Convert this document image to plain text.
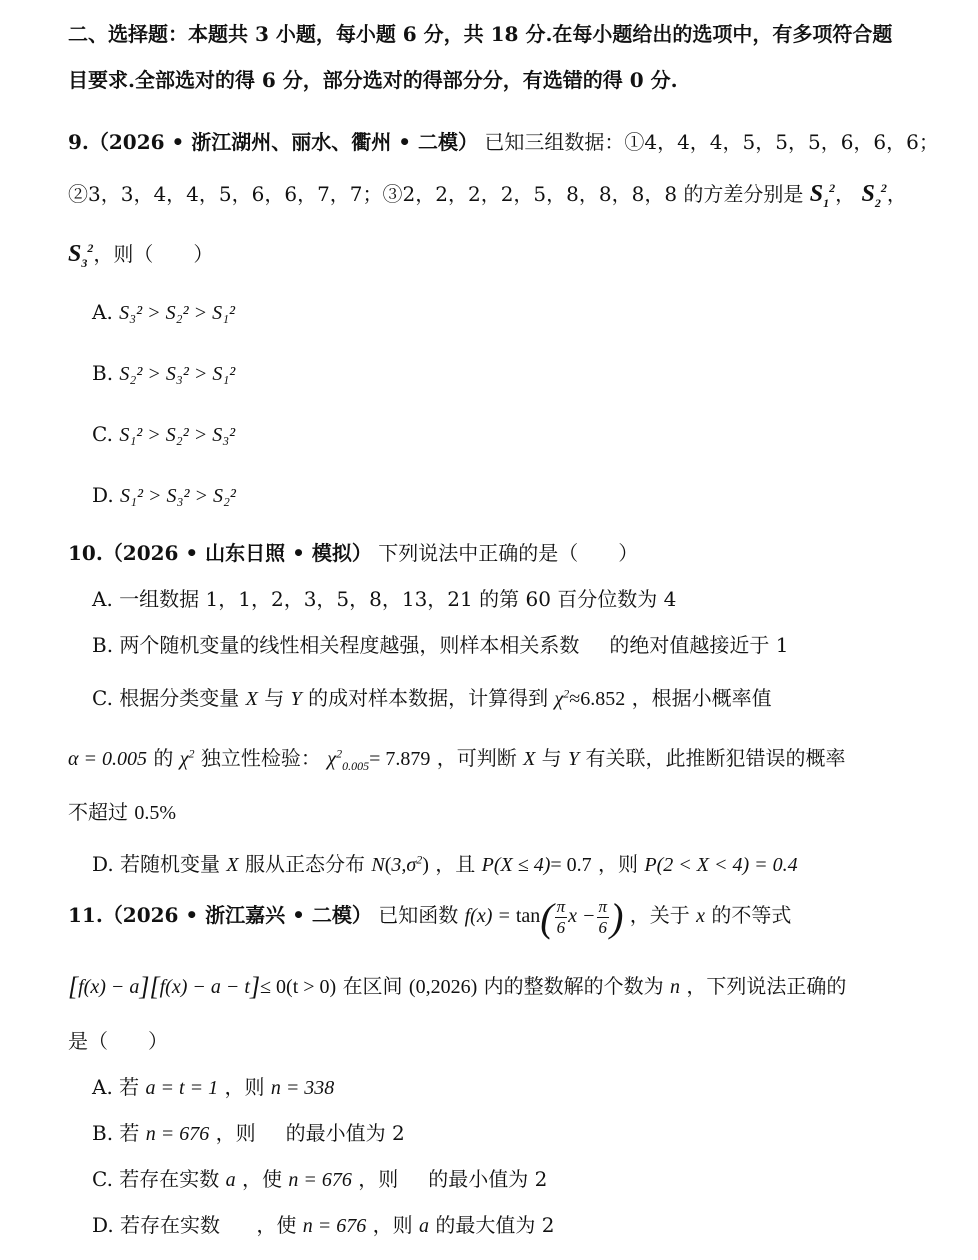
二、选择题：本题共 3 小题，每小题 6 分，共 18 分.在每小题给出的选项中，有多项符合题
目要求.全部选对的得 6 分，部分选对的得部分分，有选错的得 0 分.
9.（2026 • 浙江湖州、丽水、衢州 • 二模） 已知三组数据：①4，4，4，5，5，5，6，6，6；
②3，3，4，4，5，6，6，7，7；③2，2，2，2，5，8，8，8，8 的方差分别是 $S_1^2$， $S_2^2$，
$S_3^2$，则（　　）
A. S₃² > S₂² > S₁²
B. S₂² > S₃² > S₁²
C. S₁² > S₂² > S₃²
D. S₁² > S₃² > S₂²
10.（2026 • 山东日照 • 模拟） 下列说法中正确的是（　　）
A. 一组数据 1，1，2，3，5，8，13，21 的第 60 百分位数为 4
B. 两个随机变量的线性相关程度越强，则样本相关系数 的绝对值越接近于 1
C. 根据分类变量 X 与 Y 的成对样本数据，计算得到 $\chi^2\approx 6.852$ ，根据小概率值
α = 0.005 的 $\chi^2$ 独立性检验： $\chi^2_{0.005}= 7.879$ ，可判断 X 与 Y 有关联，此推断犯错误的概率
不超过 0.5%
D. 若随机变量 X 服从正态分布 $N(3,\sigma^2)$ ，且 P(X ≤ 4)= 0.7 ，则 P(2 < X < 4) = 0.4
11.（2026 • 浙江嘉兴 • 二模） 已知函数 $f(x) = \tan( \frac{\pi}{6}$ $x - \frac{\pi}{6}$ ) ，关于 x 的不等式
[f(x) − a][f(x) − a − t]≤ 0(t > 0) 在区间 (0,2026) 内的整数解的个数为 n ，下列说法正确的
是（　　）
A. 若 a = t = 1 ，则 n = 338
B. 若 n = 676 ，则 的最小值为 2
C. 若存在实数 a ，使 n = 676 ，则 的最小值为 2
D. 若存在实数 ，使 n = 676 ，则 a 的最大值为 2
